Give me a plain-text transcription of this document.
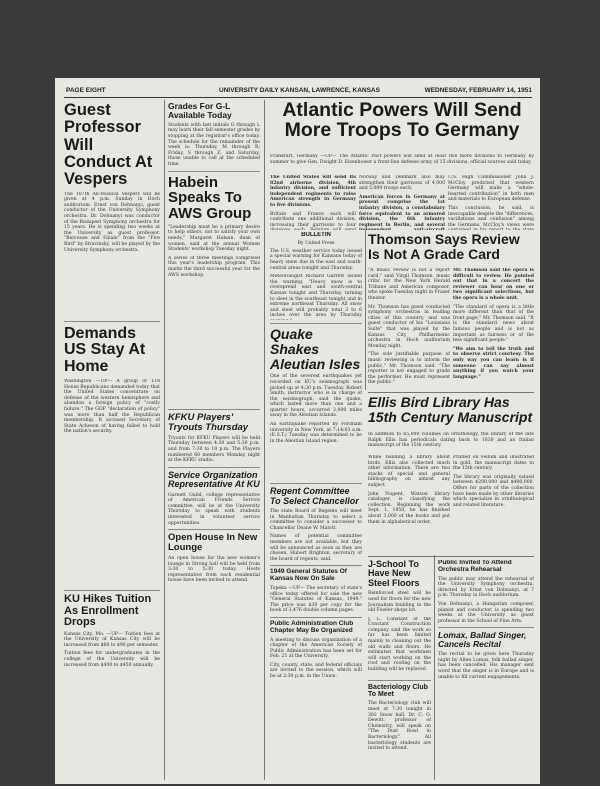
PAGE EIGHT	UNIVERSITY DAILY KANSAN, LAWRENCE, KANSAS	WEDNESDAY, FEBRUARY 14, 1951
Guest Professor Will Conduct At Vespers

The 107th All-Musical Vespers will be given at 4 p.m. Sunday in Hoch auditorium. Ernst von Dohnanyi, guest conductor of the University Symphony orchestra. Dr. Dohnanyi was conductor of the Budapest Symphony orchestra for 15 years. He is spending two weeks at the University as guest professor. "Berceuse and Finale" from the "Fire Bird" by Stravinsky, will be played by the University Symphony orchestra.

Demands US Stay At Home

Washington —UP— A group of 118 House Republicans demanded today that the United States concentrate on defense of the western hemisphere and abandon a foreign policy of "costly failure." The GOP "declaration of policy" was more than half the Republican membership. It accused Secretary of State Acheson of having failed to hold the nation's security.

KU Hikes Tuition As Enrollment Drops

Kansas City, Mo. —UP— Tuition fees at the University of Kansas City will be increased from $60 to $90 per semester.

Tuition fees for undergraduates in the college of the University will be increased from $400 to $450 annually.

Grades For G-L Available Today

Students with last initials G through L may learn their fall semester grades by stopping at the registrar's office today. The schedule for the remainder of the week is: Thursday, M through R; Friday, S through Z; and Saturday, those unable to call at the scheduled time.

Habein Speaks To AWS Group

"Leadership must be a primary desire to help others, not to satisfy your own needs," Margaret Habein, dean of women, said at the annual Women Students' workshop Tuesday night.

A series of three meetings comprised this year's leadership program. This marks the third successful year for the AWS workshop.

KFKU Players' Tryouts Thursday

Tryouts for KFKU Players will be held Thursday between 4:30 and 5:30 p.m. and from 7:30 to 10 p.m. The Players numbered 60 members Monday night at the KFKU studio.

Service Organization Representative At KU

Garnett Guild, college representative of American Friends Service committee, will be at the University Thursday to speak with students interested in volunteer service opportunities.

Open House In New Lounge

An open house for the new women's lounge in Strong hall will be held from 3:30 to 5:30 today. Hosts representative from each residential house have been invited to attend.

Atlantic Powers Will Send More Troops To Germany

Frankfurt, Germany —UP— The Atlantic Pact powers will send at least five more divisions to Germany by summer to give Gen. Dwight D. Eisenhower a front-line defense army of 15 divisions, official sources said today.

The United States will send its 82nd airborne division, 4th infantry division, and sufficient independent regiments to raise American strength in Germany to five divisions.

Britain and France each will contribute one additional division, increasing their garrisons to four

Norway and Denmark also may strengthen their garrisons of 4,000 and 5,000 troops each.

American forces in Germany at present comprise the 1st infantry division, a constabulary force equivalent to an armored division, the 6th infantry regiment in Berlin, and several

U.S. High Commissioner John J. McCloy predicted that western Germany will make a "whole-hearted contribution" in both men and materials to European defense.

This conclusion, he said, is inescapable despite the "differences, vacillations and confusion" among the Germans. McCloy's views were

BULLETIN
By United Press

The U.S. weather service today issued a special warning for Kansans today of heavy snow due in the east and south-central areas tonight and Thursday.

Meteorologist Richard Garrett issued the warning. "Heavy snow is to overspread east and south-central Kansas tonight and Thursday, turning to sleet in the southeast tonight and in extreme northeast Thursday. All snow and sleet will probably total 3 to 6 inches over the area by Thursday

Quake Shakes Aleutian Isles

One of the severest earthquakes yet recorded on KU's seismograph was picked up at 4:30 p.m. Tuesday. Robert Smith, instructor who is in charge of the seismograph, said the quake, which lasted more than one and a quarter hours, occurred 2,000 miles away in the Aleutian Islands.

An earthquake reported by Fordham university in New York, at 7:14:03 a.m. (E.S.T.) Tuesday was determined to be in the Aleutian Island region.

Regent Committee To Select Chancellor

The state Board of Regents will meet in Manhattan Thursday to select a committee to consider a successor to Chancellor Deane W. Malott.

Names of potential committee members are not available, but they will be announced as soon as they are chosen, Hubert Brighton, secretary of the board of regents, said.

1949 General Statutes Of Kansas Now On Sale

Topeka —UP— The secretary of state's office today offered for sale the new "General Statutes of Kansas, 1949." The price was $30 per copy for the book of 3,476 double column pages.

Public Administration Club Chapter May Be Organized

A meeting to discuss organization of a chapter of the American Society of Public Administration has been set for Feb. 21 at the University.

City, county, state, and federal officials are invited to the session, which will be at 2:30 p.m. in the Union.

Thomson Says Review Is Not A Grade Card

"A music review is not a report card," said Virgil Thomson, music critic for the New York Herald Tribune and American composer, who spoke Tuesday night in Fraser theater.

Mr. Thomson has guest conducted symphony orchestras in leading cities of this country, and was guest conductor of his "Louisiana Suite" that was played by the Kansas City Philharmonic orchestra in Hoch auditorium Monday night.

"The sole justifiable purpose of music reviewing is to inform the public," Mr. Thomson said. "The reporter is not engaged to grade the performer. He must represent the public."

Mr. Thomson said the opera is difficult to review. He pointed out that in a concert the reviewer can hear on one or two significant selections, but the opera is a whole unit.

"The standard of opera is a little more different than that of the front page," Mr. Thomson said. "It is the standard news about famous people and is not as important as fairness or of the less significant people."

"We aim to tell the truth and to observe strict courtesy. The only way you can learn is if someone can say almost anything if you watch your language."

Ellis Bird Library Has 15th Century Manuscript

In addition to 65,000 volumes on ornithology, the library of the late Ralph Ellis has periodicals dating back to 1830 and an Italian manuscript of the 15th century.

While building a library about birds, Ellis also collected much other information. There are two stacks of special and general bibliography on almost any subject.

John Nugent, Watson library cataloger, is classifying the collection. Beginning the work Sept. 1, 1950, he has finished about 3,000 of the books and put them in alphabetical order.

Printed on vellum and illustrated in gold, the manuscript dates to the 15th century.

The library was originally valued between $200,000 and $400,000. Offers for parts of the collection have been made by other libraries which specialize in ornithological and related literature.

J-School To Have New Steel Floors

Reinforced steel will be used for floors for the new Journalism building in the old Fowler shops lot.

J. L. Constant of the Constant Construction company said the work so far has been limited mainly to cleaning out the old walls and floors. He estimated that workmen will start working on the roof and roofing on the building will be replaced.

Bacteriology Club To Meet

The Bacteriology club will meet at 7:30 tonight in 302 Snow hall. Dr. C. O. Dewitt, professor of Chemistry, will speak on "The Dust Bowl in Bacteriology." All bacteriology students are invited to attend.

Public Invited To Attend Orchestra Rehearsal

The public may attend the rehearsal of the University Symphony orchestra, directed by Ernst von Dohnanyi, at 7 p.m. Thursday in Hoch auditorium.

Von Dohnanyi, a Hungarian composer, pianist and conductor, is spending two weeks at the University as guest professor in the School of Fine Arts.

Lomax, Ballad Singer, Cancels Recital

The recital to be given here Thursday night by Allen Lomax, folk ballad singer, has been cancelled. His manager sent word that the singer is in Europe and is unable to fill current engagements.
